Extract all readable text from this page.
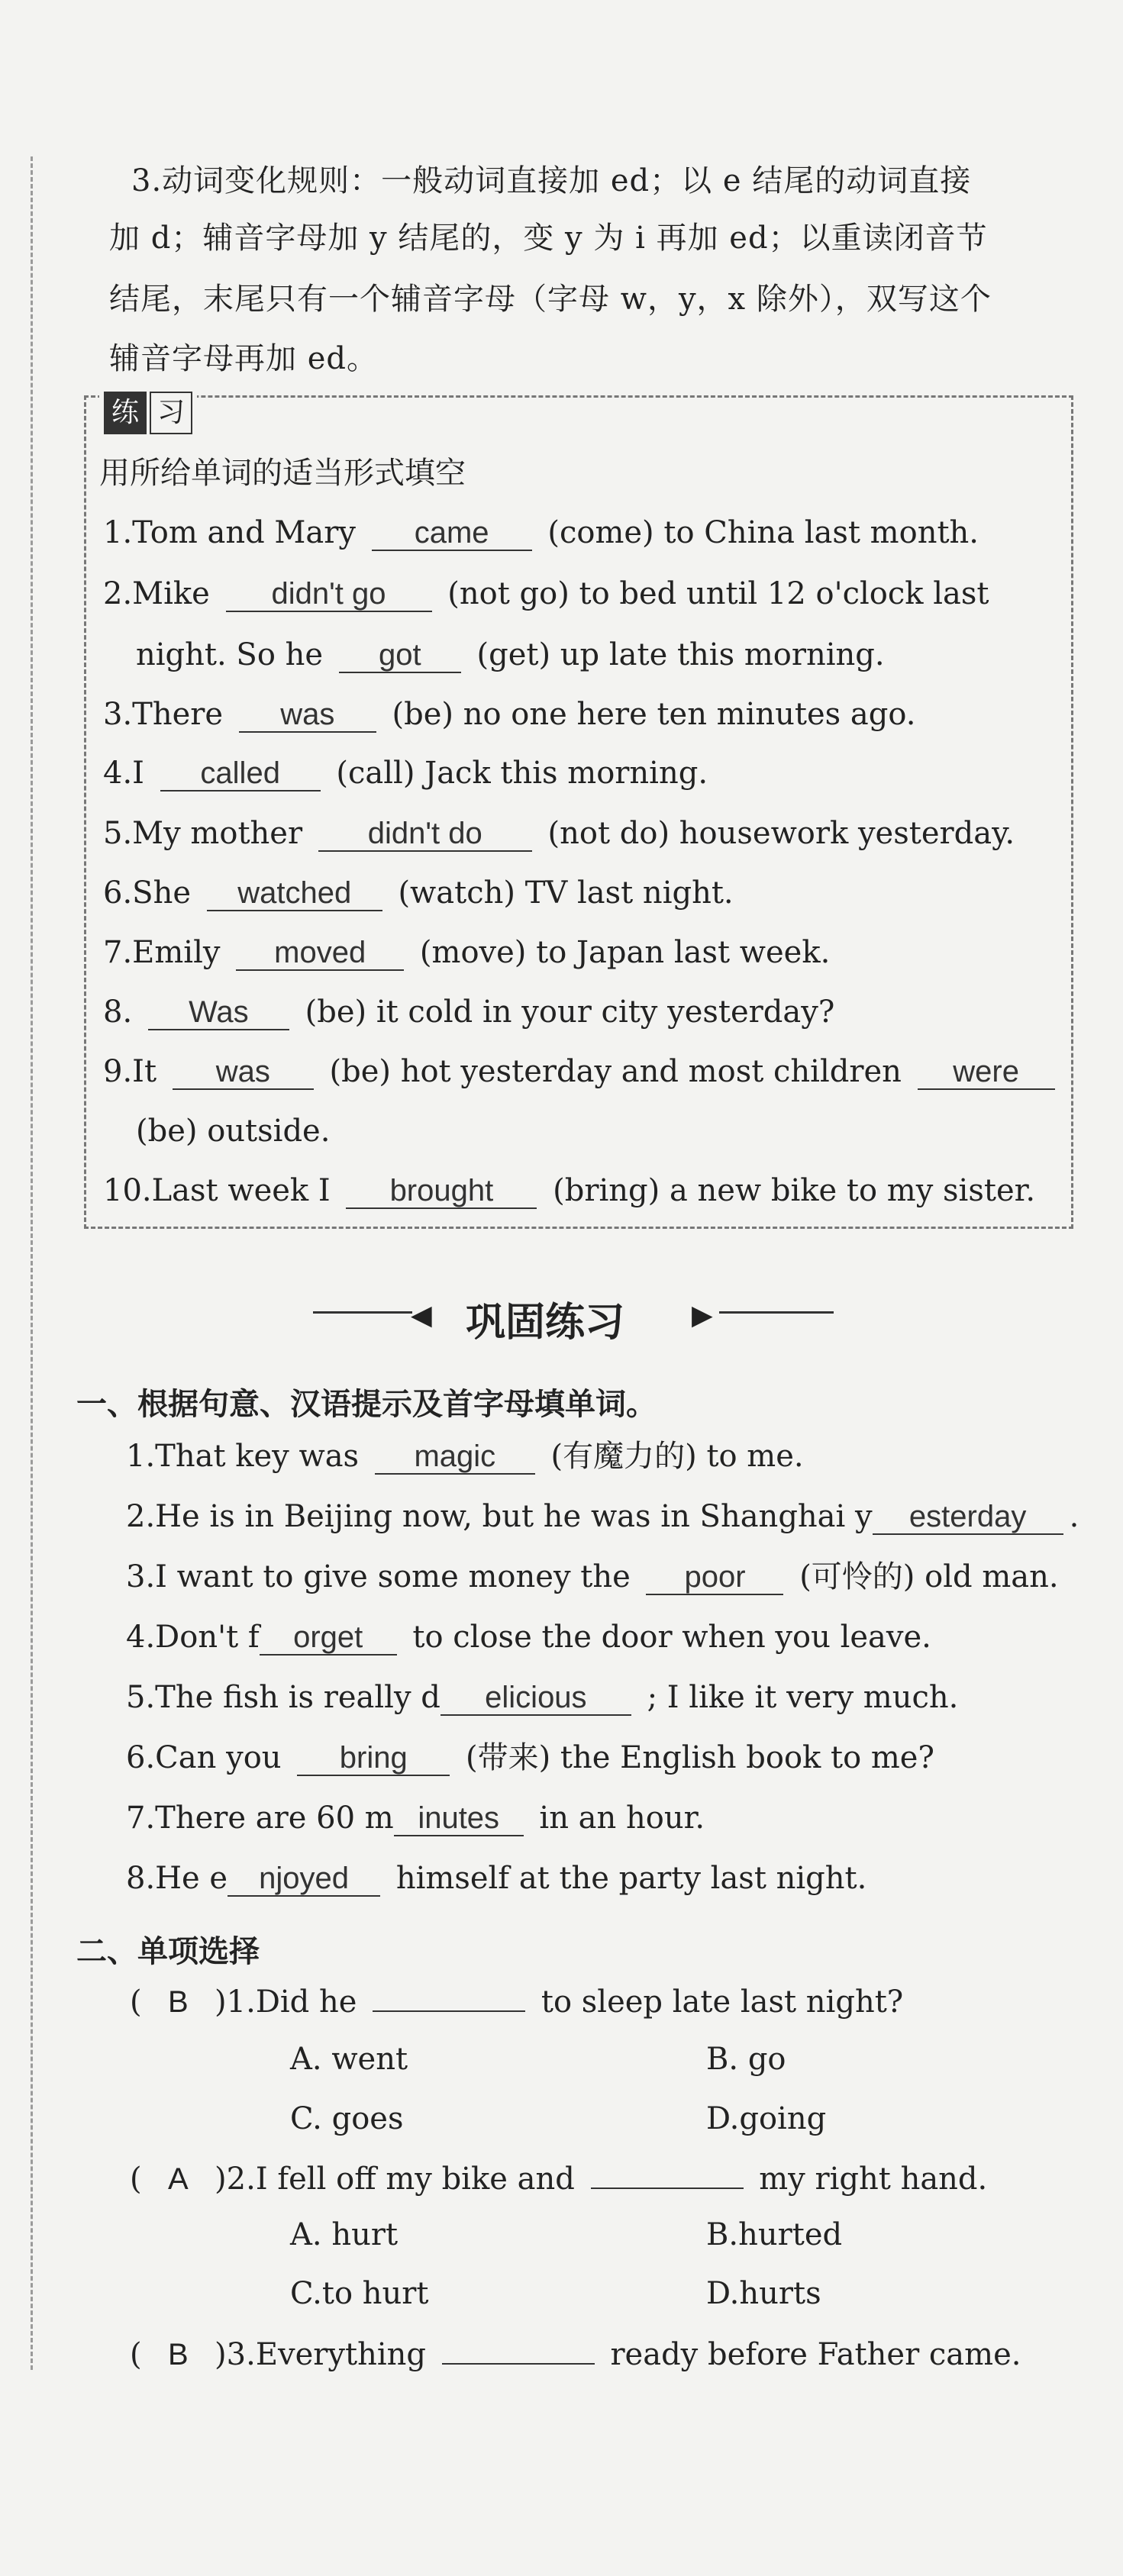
3.动词变化规则：一般动词直接加 ed；以 e 结尾的动词直接
加 d；辅音字母加 y 结尾的，变 y 为 i 再加 ed；以重读闭音节
结尾，末尾只有一个辅音字母（字母 w，y，x 除外），双写这个
辅音字母再加 ed。
练 习
用所给单词的适当形式填空
1.Tom and Mary came (come) to China last month.
2.Mike didn't go (not go) to bed until 12 o'clock last
night. So he got (get) up late this morning.
3.There was (be) no one here ten minutes ago.
4.I called (call) Jack this morning.
5.My mother didn't do (not do) housework yesterday.
6.She watched (watch) TV last night.
7.Emily moved (move) to Japan last week.
8. Was (be) it cold in your city yesterday?
9.It was (be) hot yesterday and most children were
(be) outside.
10.Last week I brought (bring) a new bike to my sister.
◀ 巩固练习 ▶
一、根据句意、汉语提示及首字母填单词。
1.That key was magic (有魔力的) to me.
2.He is in Beijing now, but he was in Shanghai y esterday .
3.I want to give some money the poor (可怜的) old man.
4.Don't f orget to close the door when you leave.
5.The fish is really d elicious ; I like it very much.
6.Can you bring (带来) the English book to me?
7.There are 60 m inutes in an hour.
8.He e njoyed himself at the party last night.
二、单项选择
( B )1.Did he	to sleep late last night?
A. went	B. go
C. goes	D.going
( A )2.I fell off my bike and	my right hand.
A. hurt	B.hurted
C.to hurt	D.hurts
( B )3.Everything	ready before Father came.
